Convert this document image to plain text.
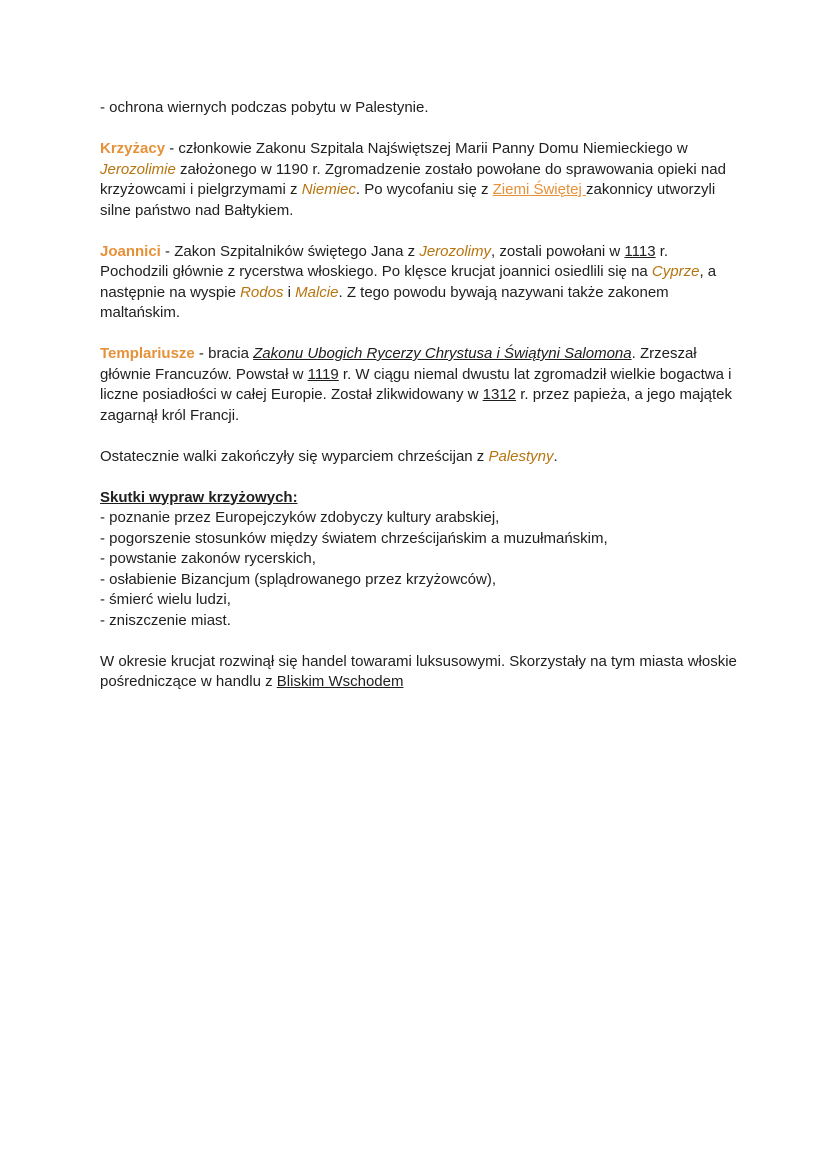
- ochrona wiernych podczas pobytu w Palestynie.

Krzyżacy - członkowie Zakonu Szpitala Najświętszej Marii Panny Domu Niemieckiego w Jerozolimie założonego w 1190 r. Zgromadzenie zostało powołane do sprawowania opieki nad krzyżowcami i pielgrzymami z Niemiec. Po wycofaniu się z Ziemi Świętej zakonnicy utworzyli silne państwo nad Bałtykiem.

Joannici - Zakon Szpitalników świętego Jana z Jerozolimy, zostali powołani w 1113 r. Pochodzili głównie z rycerstwa włoskiego. Po klęsce krucjat joannici osiedlili się na Cyprze, a następnie na wyspie Rodos i Malcie. Z tego powodu bywają nazywani także zakonem maltańskim.

Templariusze - bracia Zakonu Ubogich Rycerzy Chrystusa i Świątyni Salomona. Zrzeszał głównie Francuzów. Powstał w 1119 r. W ciągu niemal dwustu lat zgromadził wielkie bogactwa i liczne posiadłości w całej Europie. Został zlikwidowany w 1312 r. przez papieża, a jego majątek zagarnął król Francji.

Ostatecznie walki zakończyły się wyparciem chrześcijan z Palestyny.

Skutki wypraw krzyżowych:

- poznanie przez Europejczyków zdobyczy kultury arabskiej,

- pogorszenie stosunków między światem chrześcijańskim a muzułmańskim,

- powstanie zakonów rycerskich,

- osłabienie Bizancjum (splądrowanego przez krzyżowców),

- śmierć wielu ludzi,

- zniszczenie miast.

W okresie krucjat rozwinął się handel towarami luksusowymi. Skorzystały na tym miasta włoskie pośredniczące w handlu z Bliskim Wschodem
